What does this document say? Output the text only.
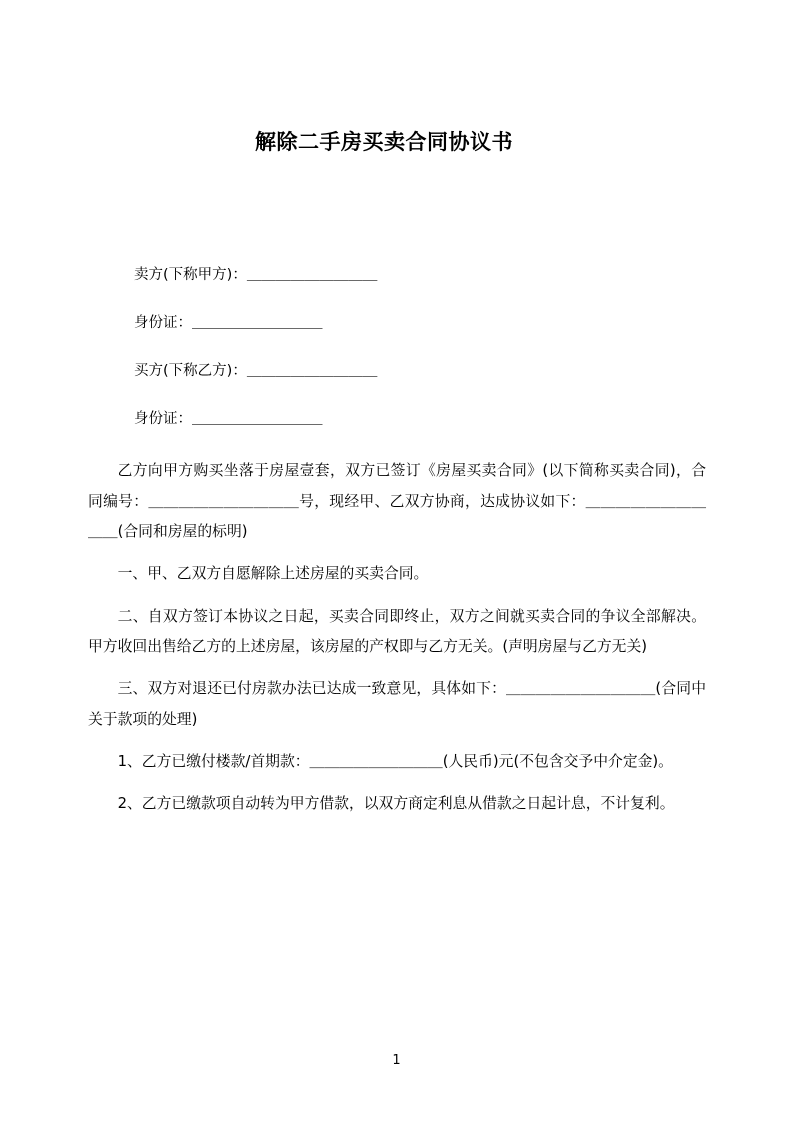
解除二手房买卖合同协议书
卖方(下称甲方)：＿＿＿＿＿＿＿＿＿
身份证：＿＿＿＿＿＿＿＿＿
买方(下称乙方)：＿＿＿＿＿＿＿＿＿
身份证：＿＿＿＿＿＿＿＿＿

乙方向甲方购买坐落于房屋壹套，双方已签订《房屋买卖合同》(以下简称买卖合同)，合同编号：＿＿＿＿＿＿＿＿＿＿号，现经甲、乙双方协商，达成协议如下：＿＿＿＿＿＿＿＿＿＿(合同和房屋的标明)

一、甲、乙双方自愿解除上述房屋的买卖合同。

二、自双方签订本协议之日起，买卖合同即终止，双方之间就买卖合同的争议全部解决。甲方收回出售给乙方的上述房屋，该房屋的产权即与乙方无关。(声明房屋与乙方无关)

三、双方对退还已付房款办法已达成一致意见，具体如下：＿＿＿＿＿＿＿＿＿＿(合同中关于款项的处理)

1、乙方已缴付楼款/首期款：＿＿＿＿＿＿＿＿＿(人民币)元(不包含交予中介定金)。

2、乙方已缴款项自动转为甲方借款，以双方商定利息从借款之日起计息，不计复利。

1
